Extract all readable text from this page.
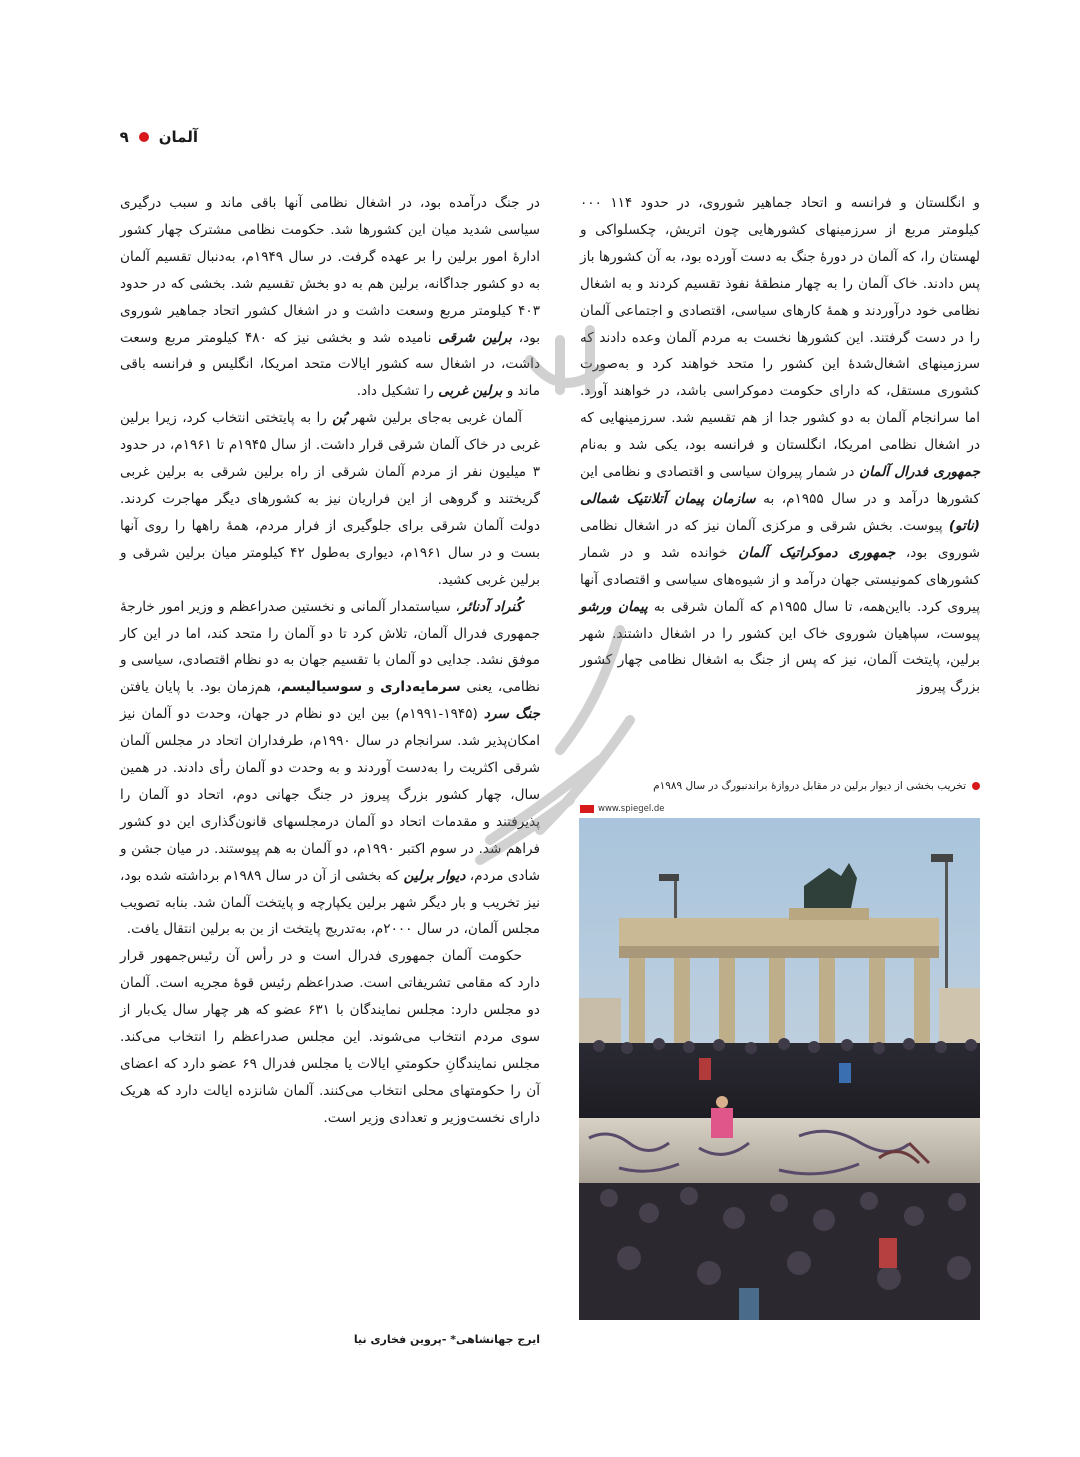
آلمان
۹

و انگلستان و فرانسه و اتحاد جماهیر شوروی، در حدود ۱۱۴ ۰۰۰ کیلومتر مربع از سرزمینهای کشورهایی چون اتریش، چکسلواکی و لهستان را، که آلمان در دورهٔ جنگ به دست آورده بود، به آن کشورها باز پس دادند. خاک آلمان را به چهار منطقهٔ نفوذ تقسیم کردند و به اشغال نظامی خود درآوردند و همهٔ کارهای سیاسی، اقتصادی و اجتماعی آلمان را در دست گرفتند. این کشورها نخست به مردم آلمان وعده دادند که سرزمینهای اشغال‌شدهٔ این کشور را متحد خواهند کرد و به‌صورت کشوری مستقل، که دارای حکومت دموکراسی باشد، در خواهند آورد. اما سرانجام آلمان به دو کشور جدا از هم تقسیم شد. سرزمینهایی که در اشغال نظامی امریکا، انگلستان و فرانسه بود، یکی شد و به‌نام جمهوری فدرال آلمان در شمار پیروان سیاسی و اقتصادی و نظامی این کشورها درآمد و در سال ۱۹۵۵م، به سازمان پیمان آتلانتیک شمالی (ناتو) پیوست. بخش شرقی و مرکزی آلمان نیز که در اشغال نظامی شوروی بود، جمهوری دموکراتیک آلمان خوانده شد و در شمار کشورهای کمونیستی جهان درآمد و از شیوه‌های سیاسی و اقتصادی آنها پیروی کرد. بااین‌همه، تا سال ۱۹۵۵م که آلمان شرقی به پیمان ورشو پیوست، سپاهیان شوروی خاک این کشور را در اشغال داشتند. شهر برلین، پایتخت آلمان، نیز که پس از جنگ به اشغال نظامی چهار کشور بزرگ پیروز

در جنگ درآمده بود، در اشغال نظامی آنها باقی ماند و سبب درگیری سیاسی شدید میان این کشورها شد. حکومت نظامی مشترک چهار کشور ادارهٔ امور برلین را بر عهده گرفت. در سال ۱۹۴۹م، به‌دنبال تقسیم آلمان به دو کشور جداگانه، برلین هم به دو بخش تقسیم شد. بخشی که در حدود ۴۰۳ کیلومتر مربع وسعت داشت و در اشغال کشور اتحاد جماهیر شوروی بود، برلین شرقی نامیده شد و بخشی نیز که ۴۸۰ کیلومتر مربع وسعت داشت، در اشغال سه کشور ایالات متحد امریکا، انگلیس و فرانسه باقی ماند و برلین غربی را تشکیل داد.

آلمان غربی به‌جای برلین شهر بُن را به پایتختی انتخاب کرد، زیرا برلین غربی در خاک آلمان شرقی قرار داشت. از سال ۱۹۴۵م تا ۱۹۶۱م، در حدود ۳ میلیون نفر از مردم آلمان شرقی از راه برلین شرقی به برلین غربی گریختند و گروهی از این فراریان نیز به کشورهای دیگر مهاجرت کردند. دولت آلمان شرقی برای جلوگیری از فرار مردم، همهٔ راهها را روی آنها بست و در سال ۱۹۶۱م، دیواری به‌طول ۴۲ کیلومتر میان برلین شرقی و برلین غربی کشید.

کُنراد آدنائر، سیاستمدار آلمانی و نخستین صدراعظم و وزیر امور خارجهٔ جمهوری فدرال آلمان، تلاش کرد تا دو آلمان را متحد کند، اما در این کار موفق نشد. جدایی دو آلمان با تقسیم جهان به دو نظام اقتصادی، سیاسی و نظامی، یعنی سرمایه‌داری و سوسیالیسم، هم‌زمان بود. با پایان یافتن جنگ سرد (۱۹۴۵-۱۹۹۱م) بین این دو نظام در جهان، وحدت دو آلمان نیز امکان‌پذیر شد. سرانجام در سال ۱۹۹۰م، طرفداران اتحاد در مجلس آلمان شرقی اکثریت را به‌دست آوردند و به وحدت دو آلمان رأی دادند. در همین سال، چهار کشور بزرگ پیروز در جنگ جهانی دوم، اتحاد دو آلمان را پذیرفتند و مقدمات اتحاد دو آلمان درمجلسهای قانون‌گذاری این دو کشور فراهم شد. در سوم اکتبر ۱۹۹۰م، دو آلمان به هم پیوستند. در میان جشن و شادی مردم، دیوار برلین که بخشی از آن در سال ۱۹۸۹م برداشته شده بود، نیز تخریب و بار دیگر شهر برلین یکپارچه و پایتخت آلمان شد. بنابه تصویب مجلس آلمان، در سال ۲۰۰۰م، به‌تدریج پایتخت از بن به برلین انتقال یافت.

حکومت آلمان جمهوری فدرال است و در رأس آن رئیس‌جمهور قرار دارد که مقامی تشریفاتی است. صدراعظم رئیس قوهٔ مجریه است. آلمان دو مجلس دارد: مجلس نمایندگان با ۶۳۱ عضو که هر چهار سال یک‌بار از سوی مردم انتخاب می‌شوند. این مجلس صدراعظم را انتخاب می‌کند. مجلس نمایندگانِ حکومتیِ ایالات یا مجلس فدرال ۶۹ عضو دارد که اعضای آن را حکومتهای محلی انتخاب می‌کنند. آلمان شانزده ایالت دارد که هریک دارای نخست‌وزیر و تعدادی وزیر است.

ایرج جهانشاهی* -پروین فخاری نیا
تخریب بخشی از دیوار برلین در مقابل دروازهٔ براندنبورگ در سال ۱۹۸۹م
www.spiegel.de
